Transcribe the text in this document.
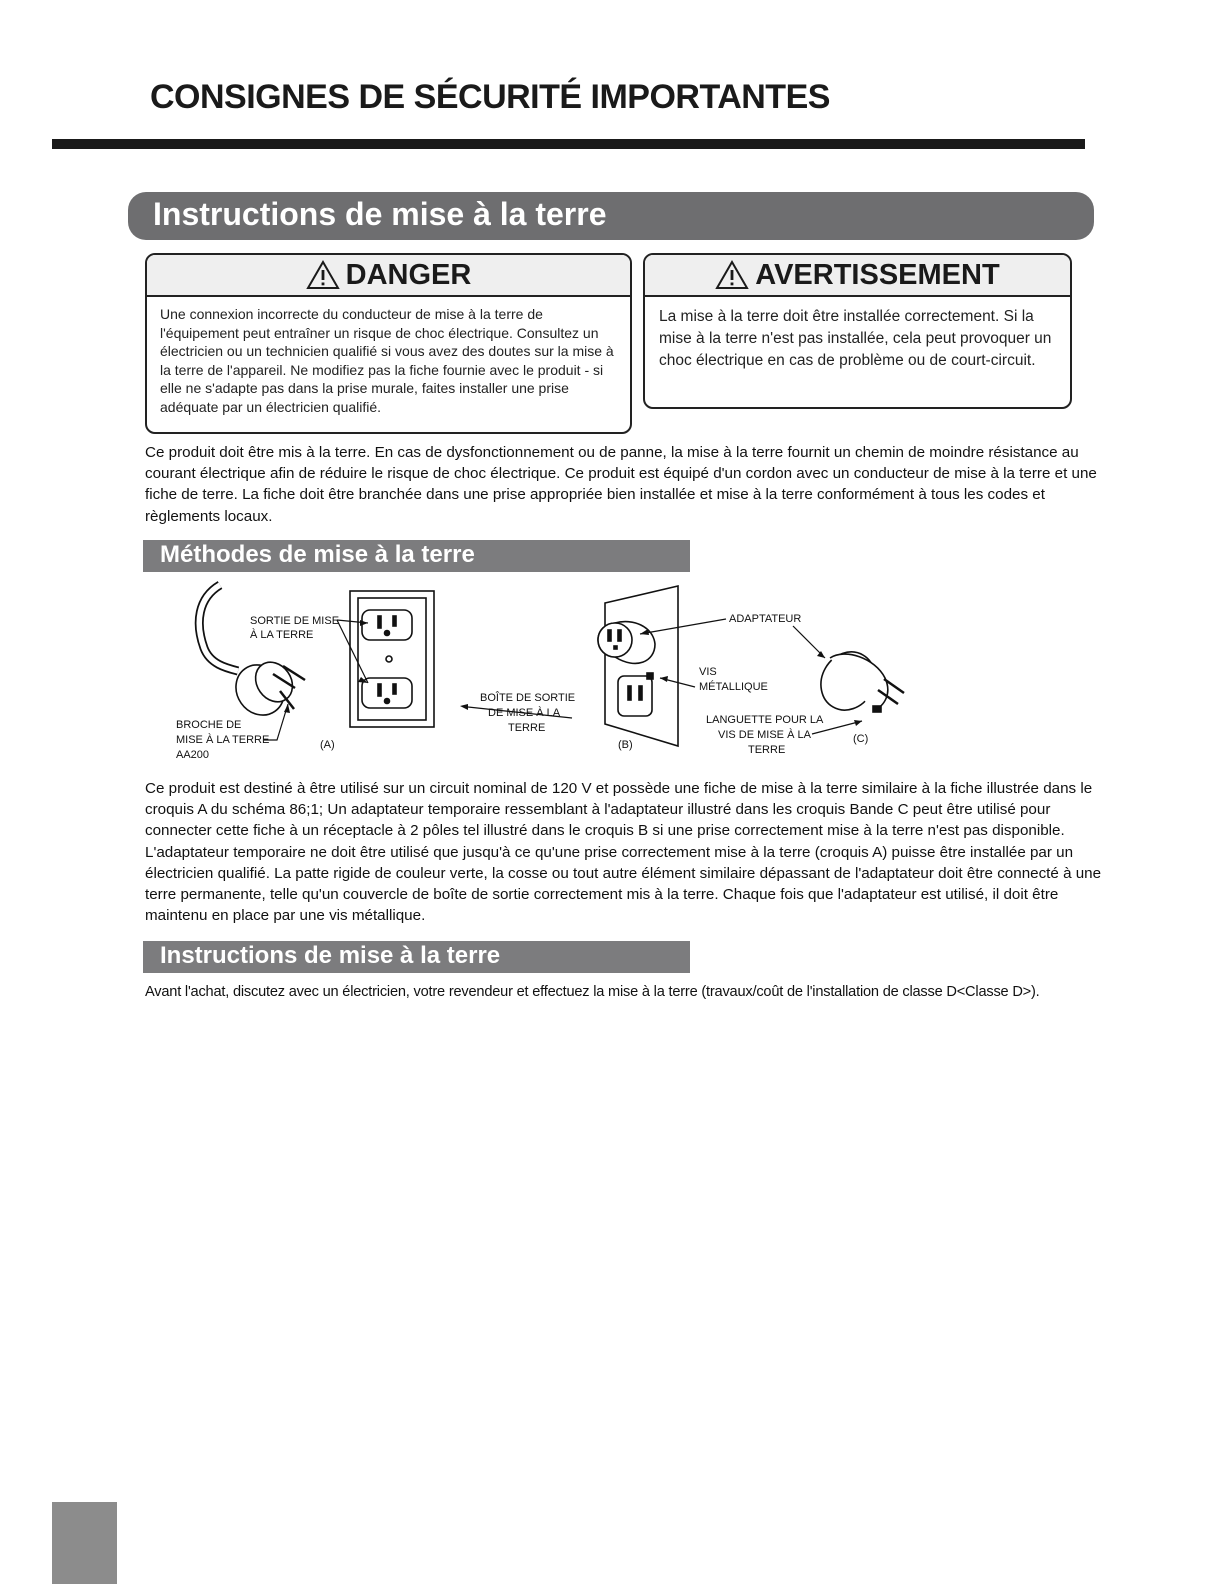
CONSIGNES DE SÉCURITÉ IMPORTANTES
Instructions de mise à la terre
DANGER
Une connexion incorrecte du conducteur de mise à la terre de l'équipement peut entraîner un risque de choc électrique. Consultez un électricien ou un technicien qualifié si vous avez des doutes sur la mise à la terre de l'appareil. Ne modifiez pas la fiche fournie avec le produit - si elle ne s'adapte pas dans la prise murale, faites installer une prise adéquate par un électricien qualifié.
AVERTISSEMENT
La mise à la terre doit être installée correctement. Si la mise à la terre n'est pas installée, cela peut provoquer un choc électrique en cas de problème ou de court-circuit.
Ce produit doit être mis à la terre. En cas de dysfonctionnement ou de panne, la mise à la terre fournit un chemin de moindre résistance au courant électrique afin de réduire le risque de choc électrique. Ce produit est équipé d'un cordon avec un conducteur de mise à la terre et une fiche de terre. La fiche doit être branchée dans une prise appropriée bien installée et mise à la terre conformément à tous les codes et règlements locaux.
Méthodes de mise à la terre
SORTIE DE MISE
À LA TERRE
BROCHE DE
MISE À LA TERRE
AA200
(A)
BOÎTE DE SORTIE
DE MISE À LA
TERRE
(B)
ADAPTATEUR
VIS
MÉTALLIQUE
LANGUETTE POUR LA
VIS DE MISE À LA
TERRE
(C)
Ce produit est destiné à être utilisé sur un circuit nominal de 120 V et possède une fiche de mise à la terre similaire à la fiche illustrée dans le croquis A du schéma 86;1; Un adaptateur temporaire ressemblant à l'adaptateur illustré dans les croquis Bande C peut être utilisé pour connecter cette fiche à un réceptacle à 2 pôles tel illustré dans le croquis B si une prise correctement mise à la terre n'est pas disponible. L'adaptateur temporaire ne doit être utilisé que jusqu'à ce qu'une prise correctement mise à la terre (croquis A) puisse être installée par un électricien qualifié. La patte rigide de couleur verte, la cosse ou tout autre élément similaire dépassant de l'adaptateur doit être connecté à une terre permanente, telle qu'un couvercle de boîte de sortie correctement mis à la terre. Chaque fois que l'adaptateur est utilisé, il doit être maintenu en place par une vis métallique.
Instructions de mise à la terre
Avant l'achat, discutez avec un électricien, votre revendeur et effectuez la mise à la terre (travaux/coût de l'installation de classe D<Classe D>).
